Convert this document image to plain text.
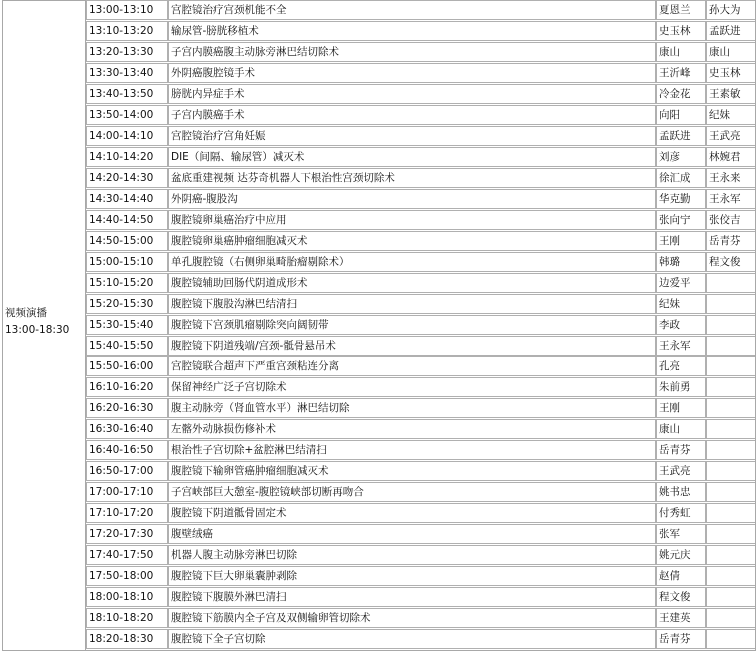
视频演播
13:00-18:30
13:00-13:10	宫腔镜治疗宫颈机能不全	夏恩兰	孙大为
13:10-13:20	输尿管-膀胱移植术	史玉林	孟跃进
13:20-13:30	子宫内膜癌腹主动脉旁淋巴结切除术	康山	康山
13:30-13:40	外阴癌腹腔镜手术	王沂峰	史玉林
13:40-13:50	膀胱内异症手术	冷金花	王素敏
13:50-14:00	子宫内膜癌手术	向阳	纪妹
14:00-14:10	宫腔镜治疗宫角妊娠	孟跃进	王武亮
14:10-14:20	DIE（间隔、输尿管）减灭术	刘彦	林婉君
14:20-14:30	盆底重建视频 达芬奇机器人下根治性宫颈切除术	徐汇成	王永来
14:30-14:40	外阴癌-腹股沟	华克勤	王永军
14:40-14:50	腹腔镜卵巢癌治疗中应用	张向宁	张佼吉
14:50-15:00	腹腔镜卵巢癌肿瘤细胞减灭术	王刚	岳青芬
15:00-15:10	单孔腹腔镜（右侧卵巢畸胎瘤剔除术）	韩璐	程文俊
15:10-15:20	腹腔镜辅助回肠代阴道成形术	边爱平
15:20-15:30	腹腔镜下腹股沟淋巴结清扫	纪妹
15:30-15:40	腹腔镜下宫颈肌瘤剔除突向阔韧带	李政
15:40-15:50	腹腔镜下阴道残端/宫颈-骶骨悬吊术	王永军
15:50-16:00	宫腔镜联合超声下严重宫颈粘连分离	孔亮
16:10-16:20	保留神经广泛子宫切除术	朱前勇
16:20-16:30	腹主动脉旁（肾血管水平）淋巴结切除	王刚
16:30-16:40	左髂外动脉损伤修补术	康山
16:40-16:50	根治性子宫切除+盆腔淋巴结清扫	岳青芬
16:50-17:00	腹腔镜下输卵管癌肿瘤细胞减灭术	王武亮
17:00-17:10	子宫峡部巨大憩室-腹腔镜峡部切断再吻合	姚书忠
17:10-17:20	腹腔镜下阴道骶骨固定术	付秀虹
17:20-17:30	腹壁绒癌	张军
17:40-17:50	机器人腹主动脉旁淋巴切除	姚元庆
17:50-18:00	腹腔镜下巨大卵巢囊肿剥除	赵倩
18:00-18:10	腹腔镜下腹膜外淋巴清扫	程文俊
18:10-18:20	腹腔镜下筋膜内全子宫及双侧输卵管切除术	王建英
18:20-18:30	腹腔镜下全子宫切除	岳青芬
